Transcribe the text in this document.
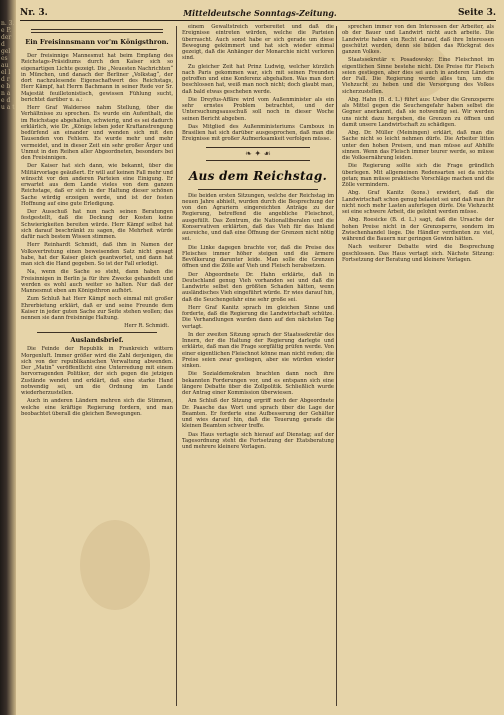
n. 3. e P. der d gel es au el l d r e b n a e d u a t
Nr. 3.	Mitteldeutsche Sonntags-Zeitung.	Seite 3.
Ein Freisinnsmann vor'm Königsthron.

Der freisinnige Mannesmut hat beim Empfang des Reichstags-Präsidiums durch den Kaiser sich so eigenartigen Lichte gezeigt. Die „Neuesten Nachrichten“ in München, und danach der Berliner „Volkstag“, der dort nachzulesende Eigenschaftwert des Reichstags, Herr Kämpf, hat Herrn Bachmann in seiner Rede vor Sr. Majestät feuilletonistisch, gewissen Fühlung sucht, berichtet darüber u. a.:

Herr Graf Waldersee nahm Stellung, über die Verhältnisse zu sprechen. Es wurde ein Aufenthalt, die im Reichstage abgehalten, schwierig, und es sei dadurch erklärlich, wie Dr. „Königs leben jeder Kraftanstrengung bedürfend an einander und wenden sich mit den Tausenden von Fehlern. Es wurde mehr und mehr vermeidet, und in dieser Zeit ein sehr großer Ärger und Unmut in den Reihen aller Abgeordneten, besonders bei den Freisinnigen.

Der Kaiser hat sich dann, wie bekannt, über die Militärvorlage geäußert. Er will auf keinen Fall mehr und wünscht vor den anderen Parteien eine Einigung. Er erwartet aus dem Lande vieles von dem ganzen Reichstage, daß er sich in der Haltung dieser schönen Sache würdig erzeigen werde, und ist der festen Hoffnung auf eine gute Erledigung.

Der Ausschuß hat nun nach seinen Beratungen festgestellt, daß die Deckung der Kosten keine Schwierigkeiten bereiten würde. Herr Kämpf selbst hat sich darauf beschränkt zu sagen, die Mehrheit würde dafür nach bestem Wissen stimmen.

Herr Reinhardt Schmidt, daß ihm in Namen der Volksvertretung einen beweisenden Satz nicht gesagt habe, hat der Kaiser gleich geantwortet, und dann hat man sich die Hand gegeben. So ist der Fall erledigt.

Na, wenn die Sache so steht, dann haben die Freisinnigen in Berlin ja für ihre Zwecke gehandelt und werden es wohl auch weiter so halten. Nur daß der Mannesmut eben am Königsthron aufhört.

Zum Schluß hat Herr Kämpf noch einmal mit großer Ehrerbietung erklärt, daß er und seine Freunde dem Kaiser in jeder guten Sache zur Seite stehen wollen; das nennen sie dann freisinnige Haltung.

Herr R. Schmidt.
Auslandsbrief.

Die Feinde der Republik in Frankreich wittern Morgenluft. Immer größer wird die Zahl derjenigen, die sich von der republikanischen Verwaltung abwenden. Der „Matin“ veröffentlicht eine Unterredung mit einem hervorragenden Politiker, der sich gegen die jetzigen Zustände wendet und erklärt, daß eine starke Hand notwendig sei, um die Ordnung im Lande wiederherzustellen.

Auch in anderen Ländern mehren sich die Stimmen, welche eine kräftige Regierung fordern, und man beobachtet überall die gleichen Bewegungen.

einem Gewaltstreich vorbereitet und daß die Ereignisse eintreten würden, welche die Parteien überrascht. Auch sonst habe er sich gerade um diese Bewegung gekümmert und hat sich wieder einmal gezeigt, daß die Anhänger der Monarchie nicht verloren sind.

Zu gleicher Zeit hat Prinz Ludwig, welcher kürzlich nach Paris gekommen war, sich mit seinen Freunden getroffen und eine Konferenz abgehalten. Was man dort beschlossen hat, weiß man noch nicht; doch glaubt man, daß bald etwas geschehen werde.

Die Dreyfus-Affäre wird vom Außenminister als ein sehr ernstes Problem betrachtet, und der Untersuchungsausschuß soll noch in dieser Woche seinen Bericht abgeben.

Das Mitglied des Außenministeriums Camboux in Brasilien hat sich darüber ausgesprochen, daß man die Ereignisse mit großer Aufmerksamkeit verfolgen müsse.

❧ ✦ ☙
Aus dem Reichstag.

Die beiden ersten Sitzungen, welche der Reichstag im neuen Jahre abhielt, wurden durch die Besprechung der von den Agrariern eingereichten Anträge zu der Regierung, betreffend die angebliche Fleischnot, ausgefüllt. Das Zentrum, die Nationalliberalen und die Konservativen erklärten, daß das Vieh für das Inland ausreiche, und daß eine Öffnung der Grenzen nicht nötig sei.

Die Linke dagegen brachte vor, daß die Preise des Fleisches immer höher steigen und die ärmere Bevölkerung darunter leide. Man solle die Grenzen öffnen und die Zölle auf Vieh und Fleisch herabsetzen.

Der Abgeordnete Dr. Hahn erklärte, daß in Deutschland genug Vieh vorhanden sei und daß die Landwirte selbst den größten Schaden hätten, wenn ausländisches Vieh eingeführt würde. Er wies darauf hin, daß die Seuchengefahr eine sehr große sei.

Herr Graf Kanitz sprach im gleichen Sinne und forderte, daß die Regierung die Landwirtschaft schütze. Die Verhandlungen wurden dann auf den nächsten Tag vertagt.

In der zweiten Sitzung sprach der Staatssekretär des Innern, der die Haltung der Regierung darlegte und erklärte, daß man die Frage sorgfältig prüfen werde. Von einer eigentlichen Fleischnot könne man nicht reden; die Preise seien zwar gestiegen, aber sie würden wieder sinken.

Die Sozialdemokraten brachten dann noch ihre bekannten Forderungen vor, und es entspann sich eine längere Debatte über die Zollpolitik. Schließlich wurde der Antrag einer Kommission überwiesen.

Am Schluß der Sitzung ergriff noch der Abgeordnete Dr. Paasche das Wort und sprach über die Lage der Beamten. Er forderte eine Aufbesserung der Gehälter und wies darauf hin, daß die Teuerung gerade die kleinen Beamten schwer treffe.

Das Haus vertagte sich hierauf auf Dienstag; auf der Tagesordnung steht die Fortsetzung der Etatsberatung und mehrere kleinere Vorlagen.

sprechen immer von den Interessen der Arbeiter, als ob der Bauer und Landwirt nicht auch arbeite. Die Landwirte haben ein Recht darauf, daß ihre Interessen geschützt werden, denn sie bilden das Rückgrat des ganzen Volkes.

Staatssekretär v. Posadowsky: Eine Fleischnot im eigentlichen Sinne bestehe nicht. Die Preise für Fleisch seien gestiegen, aber dies sei auch in anderen Ländern der Fall. Die Regierung werde alles tun, um die Viehzucht zu heben und die Versorgung des Volkes sicherzustellen.

Abg. Hahn (B. d. L.) führt aus: Ueber die Grenzsperre als Mittel gegen die Seuchengefahr haben selbst die Gegner anerkannt, daß sie notwendig sei. Wir werden uns nicht dazu hergeben, die Grenzen zu öffnen und damit unsere Landwirtschaft zu schädigen.

Abg. Dr. Müller (Meiningen) erklärt, daß man die Sache nicht so leicht nehmen dürfe. Die Arbeiter litten unter den hohen Preisen, und man müsse auf Abhilfe sinnen. Wenn das Fleisch immer teurer werde, so müsse die Volksernährung leiden.

Die Regierung sollte sich die Frage gründlich überlegen. Mit allgemeinen Redensarten sei da nichts getan; man müsse praktische Vorschläge machen und die Zölle vermindern.

Abg. Graf Kanitz (kons.) erwidert, daß die Landwirtschaft schon genug belastet sei und daß man ihr nicht noch mehr Lasten auferlegen dürfe. Die Viehzucht sei eine schwere Arbeit, die gelohnt werden müsse.

Abg. Roesicke (B. d. L.) sagt, daß die Ursache der hohen Preise nicht in der Grenzsperre, sondern im Zwischenhandel liege. Die Händler verdienten zu viel, während die Bauern nur geringen Gewinn hätten.

Nach weiterer Debatte wird die Besprechung geschlossen. Das Haus vertagt sich. Nächste Sitzung: Fortsetzung der Beratung und kleinere Vorlagen.
